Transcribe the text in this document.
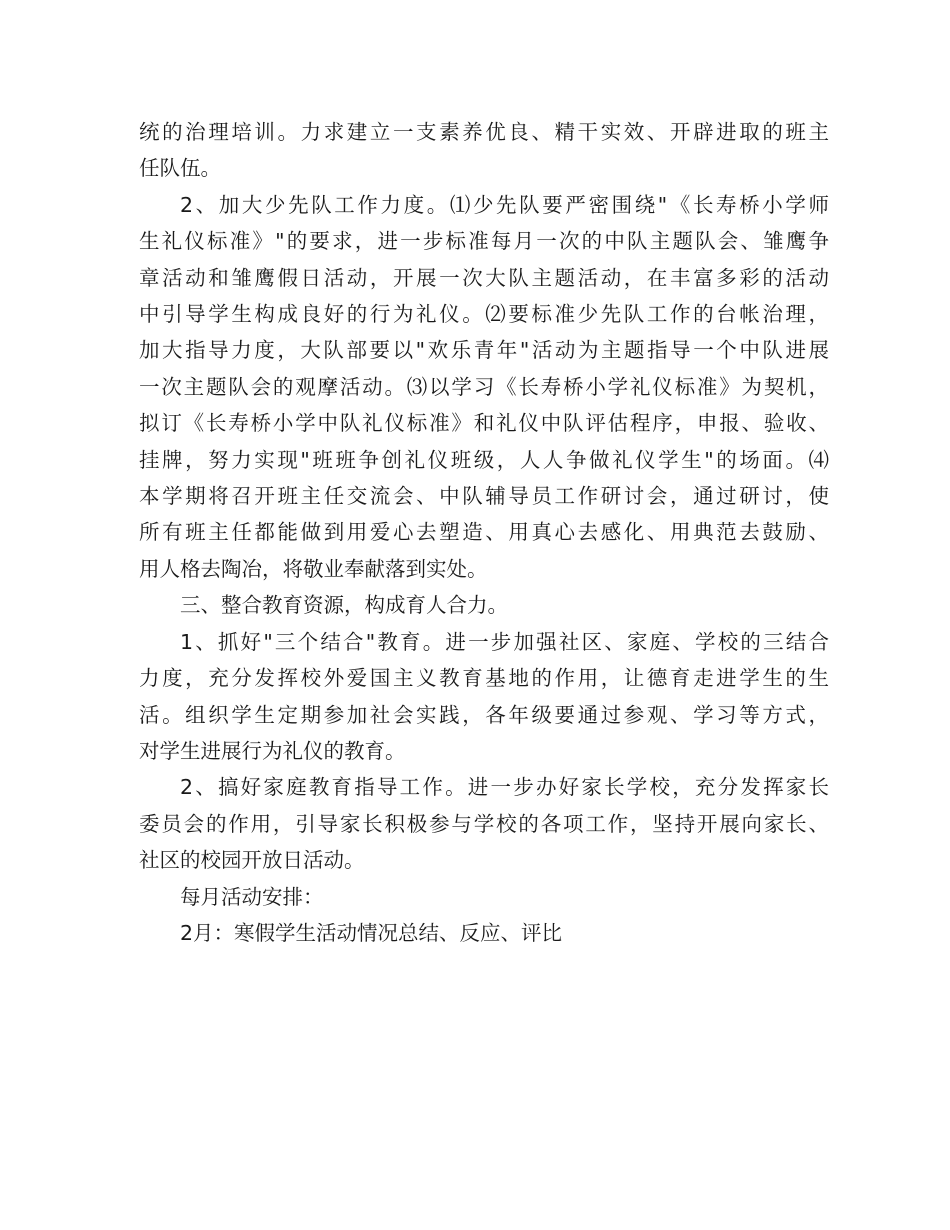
统的治理培训。力求建立一支素养优良、精干实效、开辟进取的班主
任队伍。
2、加大少先队工作力度。⑴少先队要严密围绕"《长寿桥小学师
生礼仪标准》"的要求，进一步标准每月一次的中队主题队会、雏鹰争
章活动和雏鹰假日活动，开展一次大队主题活动，在丰富多彩的活动
中引导学生构成良好的行为礼仪。⑵要标准少先队工作的台帐治理，
加大指导力度，大队部要以"欢乐青年"活动为主题指导一个中队进展
一次主题队会的观摩活动。⑶以学习《长寿桥小学礼仪标准》为契机，
拟订《长寿桥小学中队礼仪标准》和礼仪中队评估程序，申报、验收、
挂牌，努力实现"班班争创礼仪班级，人人争做礼仪学生"的场面。⑷
本学期将召开班主任交流会、中队辅导员工作研讨会，通过研讨，使
所有班主任都能做到用爱心去塑造、用真心去感化、用典范去鼓励、
用人格去陶冶，将敬业奉献落到实处。
三、整合教育资源，构成育人合力。
1、抓好"三个结合"教育。进一步加强社区、家庭、学校的三结合
力度，充分发挥校外爱国主义教育基地的作用，让德育走进学生的生
活。组织学生定期参加社会实践，各年级要通过参观、学习等方式，
对学生进展行为礼仪的教育。
2、搞好家庭教育指导工作。进一步办好家长学校，充分发挥家长
委员会的作用，引导家长积极参与学校的各项工作，坚持开展向家长、
社区的校园开放日活动。
每月活动安排：
2月：寒假学生活动情况总结、反应、评比
